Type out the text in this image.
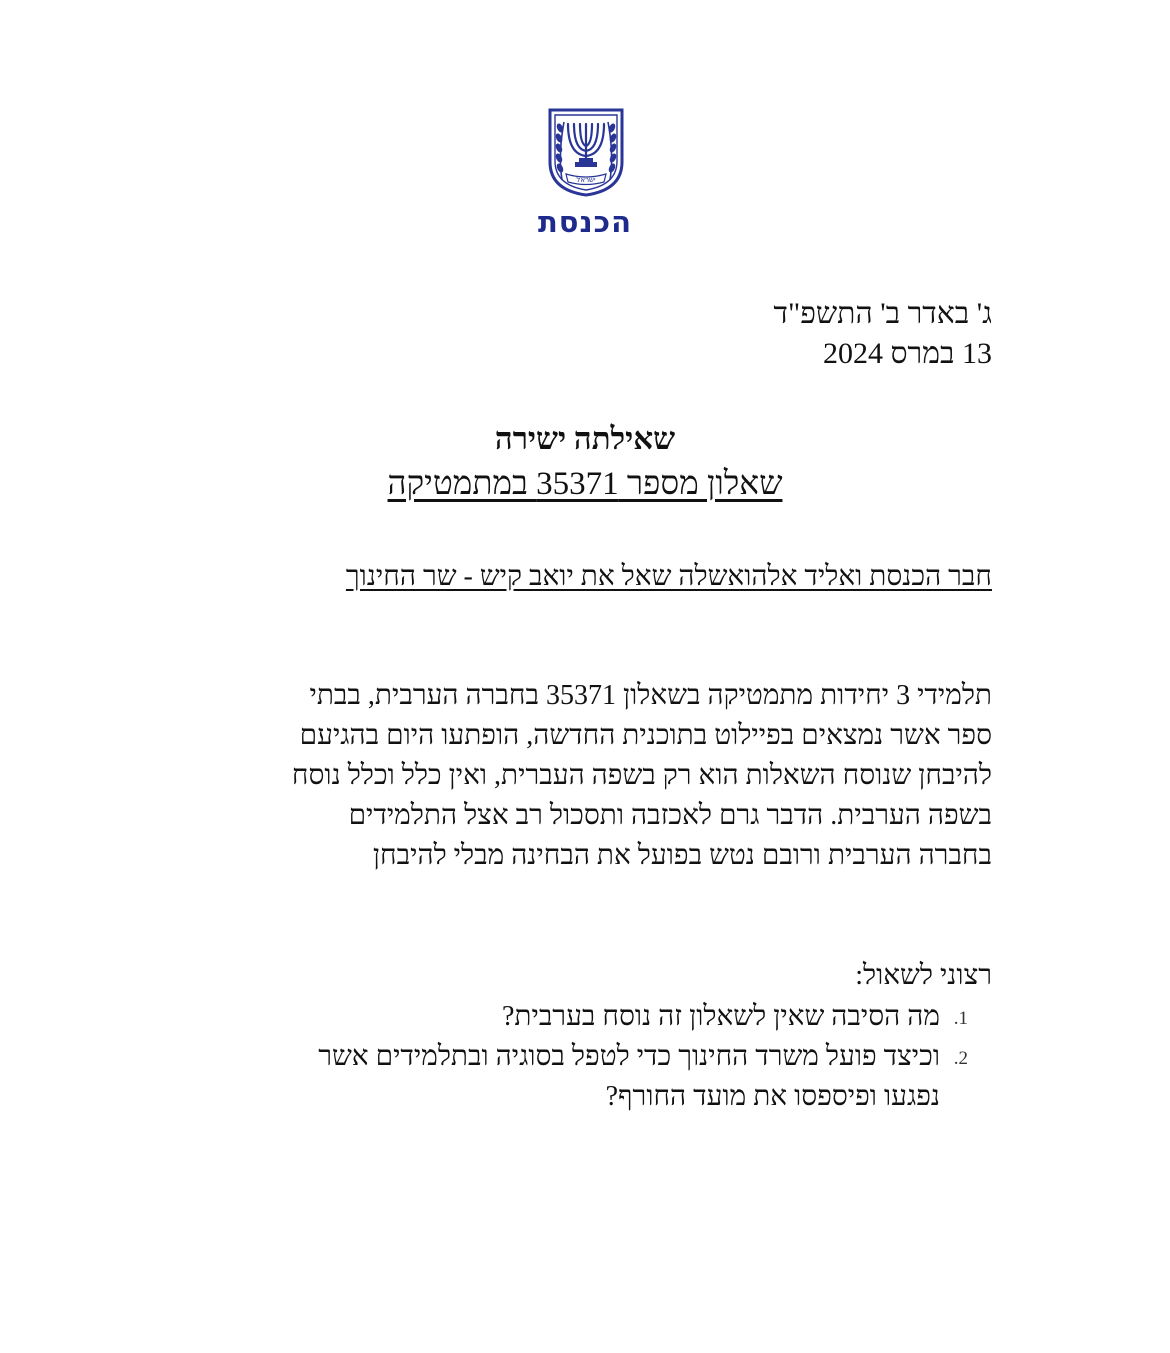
ישראל
הכנסת
ג' באדר ב' התשפ"ד
13 במרס 2024
שאילתה ישירה
שאלון מספר 35371 במתמטיקה
חבר הכנסת ואליד אלהואשלה שאל את יואב קיש - שר החינוך
תלמידי 3 יחידות מתמטיקה בשאלון 35371 בחברה הערבית, בבתי
ספר אשר נמצאים בפיילוט בתוכנית החדשה, הופתעו היום בהגיעם
להיבחן שנוסח השאלות הוא רק בשפה העברית, ואין כלל וכלל נוסח
בשפה הערבית. הדבר גרם לאכזבה ותסכול רב אצל התלמידים
בחברה הערבית ורובם נטש בפועל את הבחינה מבלי להיבחן
רצוני לשאול:
1.
מה הסיבה שאין לשאלון זה נוסח בערבית?
2.
וכיצד פועל משרד החינוך כדי לטפל בסוגיה ובתלמידים אשר
נפגעו ופיספסו את מועד החורף?
